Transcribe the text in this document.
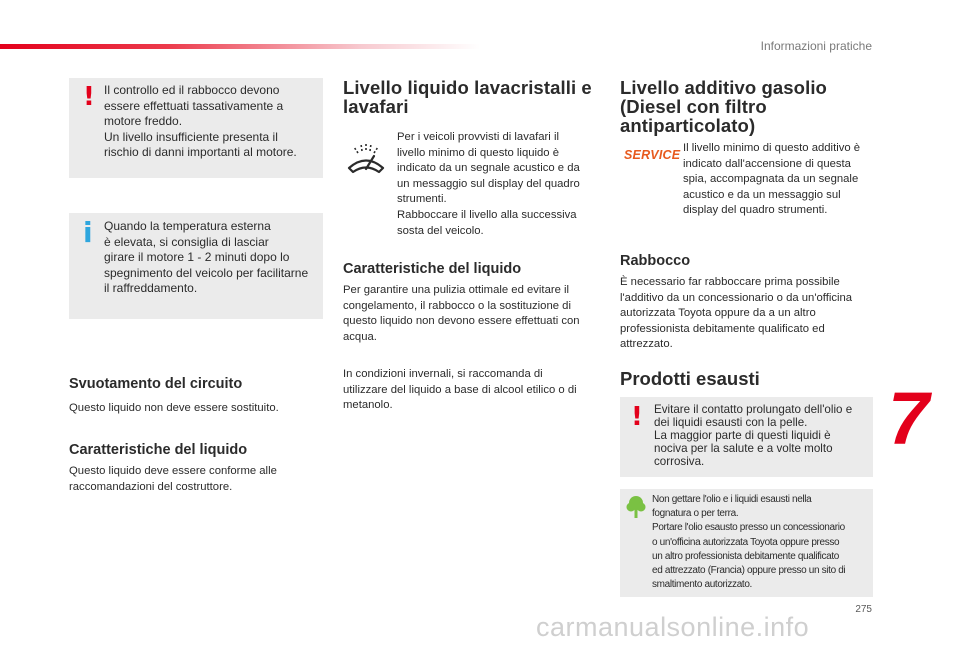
Informazioni pratiche
! Il controllo ed il rabbocco devono
essere effettuati tassativamente a
motore freddo.
Un livello insufficiente presenta il
rischio di danni importanti al motore.
i Quando la temperatura esterna
è elevata, si consiglia di lasciar
girare il motore 1 - 2 minuti dopo lo
spegnimento del veicolo per facilitarne
il raffreddamento.
Svuotamento del circuito

Questo liquido non deve essere sostituito.

Caratteristiche del liquido

Questo liquido deve essere conforme alle
raccomandazioni del costruttore.

Livello liquido lavacristalli e
lavafari

Per i veicoli provvisti di lavafari il
livello minimo di questo liquido è
indicato da un segnale acustico e da
un messaggio sul display del quadro
strumenti.
Rabboccare il livello alla successiva
sosta del veicolo.

Caratteristiche del liquido

Per garantire una pulizia ottimale ed evitare il
congelamento, il rabbocco o la sostituzione di
questo liquido non devono essere effettuati con
acqua.

In condizioni invernali, si raccomanda di
utilizzare del liquido a base di alcool etilico o di
metanolo.

Livello additivo gasolio
(Diesel con filtro
antiparticolato)
SERVICE Il livello minimo di questo additivo è
indicato dall'accensione di questa
spia, accompagnata da un segnale
acustico e da un messaggio sul
display del quadro strumenti.

Rabbocco

È necessario far rabboccare prima possibile
l'additivo da un concessionario o da un'officina
autorizzata Toyota oppure da a un altro
professionista debitamente qualificato ed
attrezzato.

Prodotti esausti
! Evitare il contatto prolungato dell'olio e
dei liquidi esausti con la pelle.
La maggior parte di questi liquidi è
nociva per la salute e a volte molto
corrosiva.
Non gettare l'olio e i liquidi esausti nella
fognatura o per terra.
Portare l'olio esausto presso un concessionario
o un'officina autorizzata Toyota oppure presso
un altro professionista debitamente qualificato
ed attrezzato (Francia) oppure presso un sito di
smaltimento autorizzato.
7
275
carmanualsonline.info
